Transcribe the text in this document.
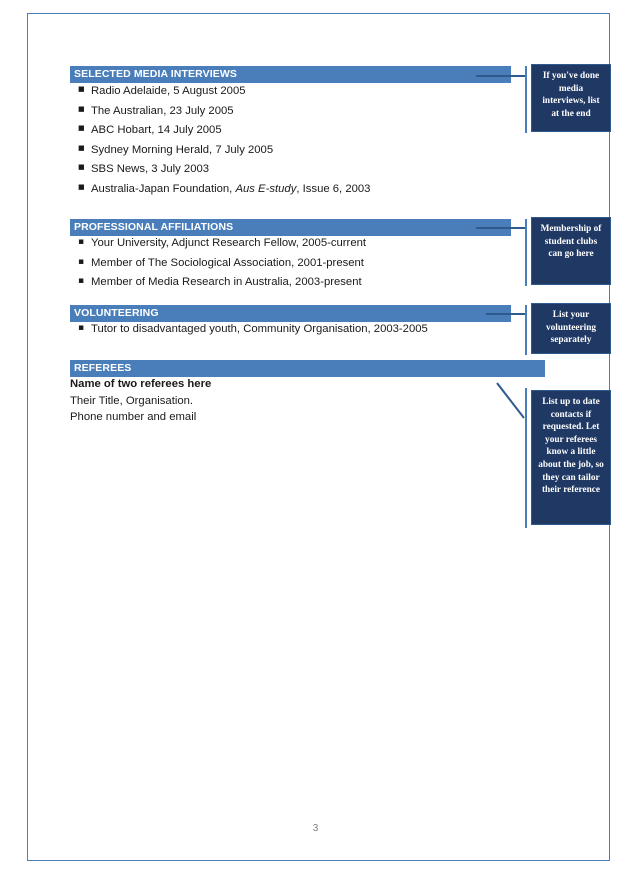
SELECTED MEDIA INTERVIEWS
■ Radio Adelaide, 5 August 2005
■ The Australian, 23 July 2005
■ ABC Hobart, 14 July 2005
■ Sydney Morning Herald, 7 July 2005
■ SBS News, 3 July 2003
■ Australia-Japan Foundation, Aus E-study, Issue 6, 2003
If you've done media interviews, list at the end
PROFESSIONAL AFFILIATIONS
▪ Your University, Adjunct Research Fellow, 2005-current
▪ Member of The Sociological Association, 2001-present
▪ Member of Media Research in Australia, 2003-present
Membership of student clubs can go here
VOLUNTEERING
▪ Tutor to disadvantaged youth, Community Organisation, 2003-2005
List your volunteering separately
REFEREES
Name of two referees here
Their Title, Organisation.
Phone number and email
List up to date contacts if requested. Let your referees know a little about the job, so they can tailor their reference
3
